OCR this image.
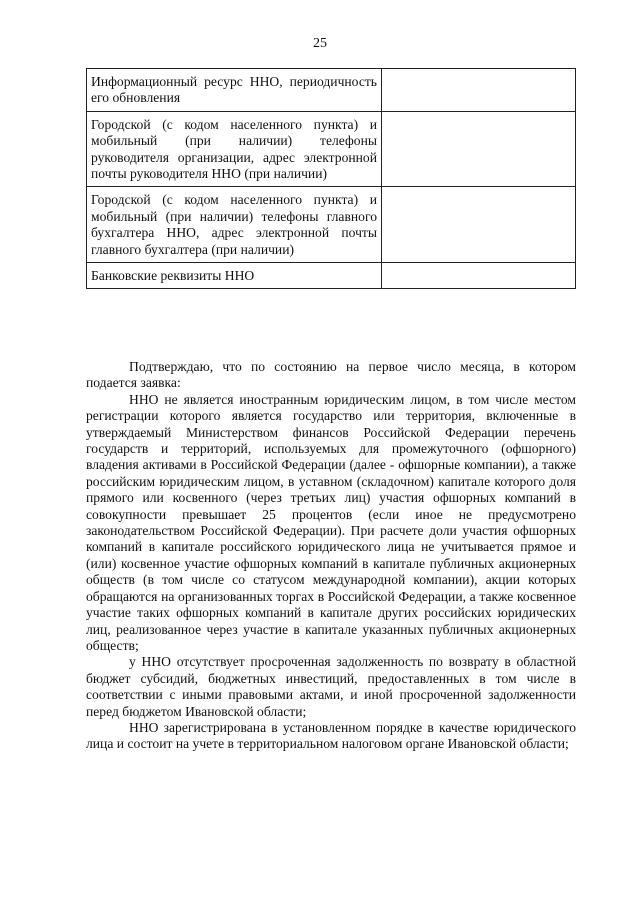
25
Информационный ресурс ННО, периодичность его обновления	
Городской (с кодом населенного пункта) и мобильный (при наличии) телефоны руководителя организации, адрес электронной почты руководителя ННО (при наличии)	
Городской (с кодом населенного пункта) и мобильный (при наличии) телефоны главного бухгалтера ННО, адрес электронной почты главного бухгалтера (при наличии)	
Банковские реквизиты ННО	

Подтверждаю, что по состоянию на первое число месяца, в котором подается заявка:

ННО не является иностранным юридическим лицом, в том числе местом регистрации которого является государство или территория, включенные в утверждаемый Министерством финансов Российской Федерации перечень государств и территорий, используемых для промежуточного (офшорного) владения активами в Российской Федерации (далее - офшорные компании), а также российским юридическим лицом, в уставном (складочном) капитале которого доля прямого или косвенного (через третьих лиц) участия офшорных компаний в совокупности превышает 25 процентов (если иное не предусмотрено законодательством Российской Федерации). При расчете доли участия офшорных компаний в капитале российского юридического лица не учитывается прямое и (или) косвенное участие офшорных компаний в капитале публичных акционерных обществ (в том числе со статусом международной компании), акции которых обращаются на организованных торгах в Российской Федерации, а также косвенное участие таких офшорных компаний в капитале других российских юридических лиц, реализованное через участие в капитале указанных публичных акционерных обществ;

у ННО отсутствует просроченная задолженность по возврату в областной бюджет субсидий, бюджетных инвестиций, предоставленных в том числе в соответствии с иными правовыми актами, и иной просроченной задолженности перед бюджетом Ивановской области;

ННО зарегистрирована в установленном порядке в качестве юридического лица и состоит на учете в территориальном налоговом органе Ивановской области;
